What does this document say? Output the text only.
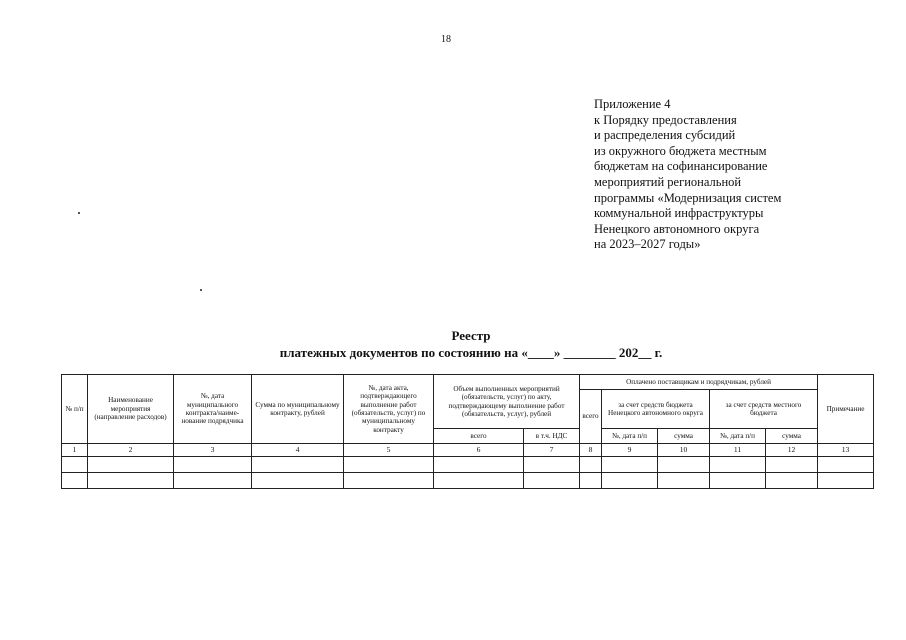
18
Приложение 4
к Порядку предоставления
и распределения субсидий
из окружного бюджета местным
бюджетам на софинансирование
мероприятий региональной
программы «Модернизация систем
коммунальной инфраструктуры
Ненецкого автономного округа
на 2023–2027 годы»
Реестр
платежных документов по состоянию на «____» ________ 202__ г.
№ п/п	Наименование мероприятия (направление расходов)	№, дата муниципального контракта/наиме-нование подрядчика	Сумма по муниципальному контракту, рублей	№, дата акта, подтверждающего выполнение работ (обязательств, услуг) по муниципальному контракту	Объем выполненных мероприятий (обязательств, услуг) по акту, подтверждающему выполнение работ (обязательств, услуг), рублей		Оплачено поставщикам и подрядчикам, рублей					Примечание
							всего	за счет средств бюджета Ненецкого автономного округа		за счет средств местного бюджета		
					всего	в т.ч. НДС		№, дата п/п	сумма	№, дата п/п	сумма	
1	2	3	4	5	6	7	8	9	10	11	12	13
